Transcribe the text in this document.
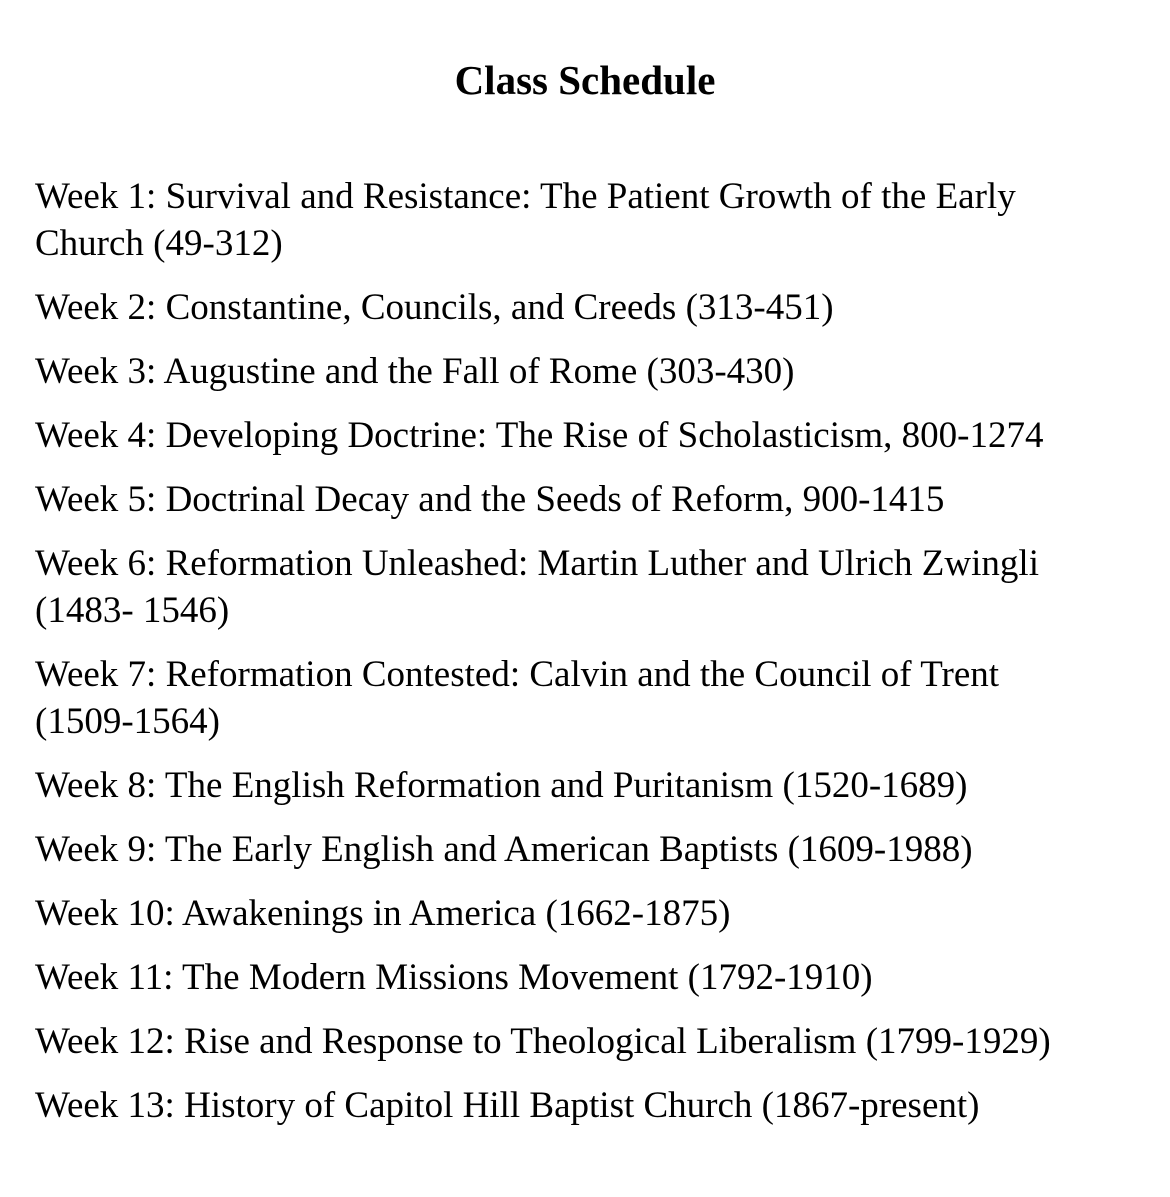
Class Schedule
Week 1: Survival and Resistance: The Patient Growth of the Early
Church (49-312)
Week 2: Constantine, Councils, and Creeds (313-451)
Week 3: Augustine and the Fall of Rome (303-430)
Week 4: Developing Doctrine: The Rise of Scholasticism, 800-1274
Week 5: Doctrinal Decay and the Seeds of Reform, 900-1415
Week 6: Reformation Unleashed: Martin Luther and Ulrich Zwingli
(1483- 1546)
Week 7: Reformation Contested: Calvin and the Council of Trent
(1509-1564)
Week 8: The English Reformation and Puritanism (1520-1689)
Week 9: The Early English and American Baptists (1609-1988)
Week 10: Awakenings in America (1662-1875)
Week 11: The Modern Missions Movement (1792-1910)
Week 12: Rise and Response to Theological Liberalism (1799-1929)
Week 13: History of Capitol Hill Baptist Church (1867-present)
